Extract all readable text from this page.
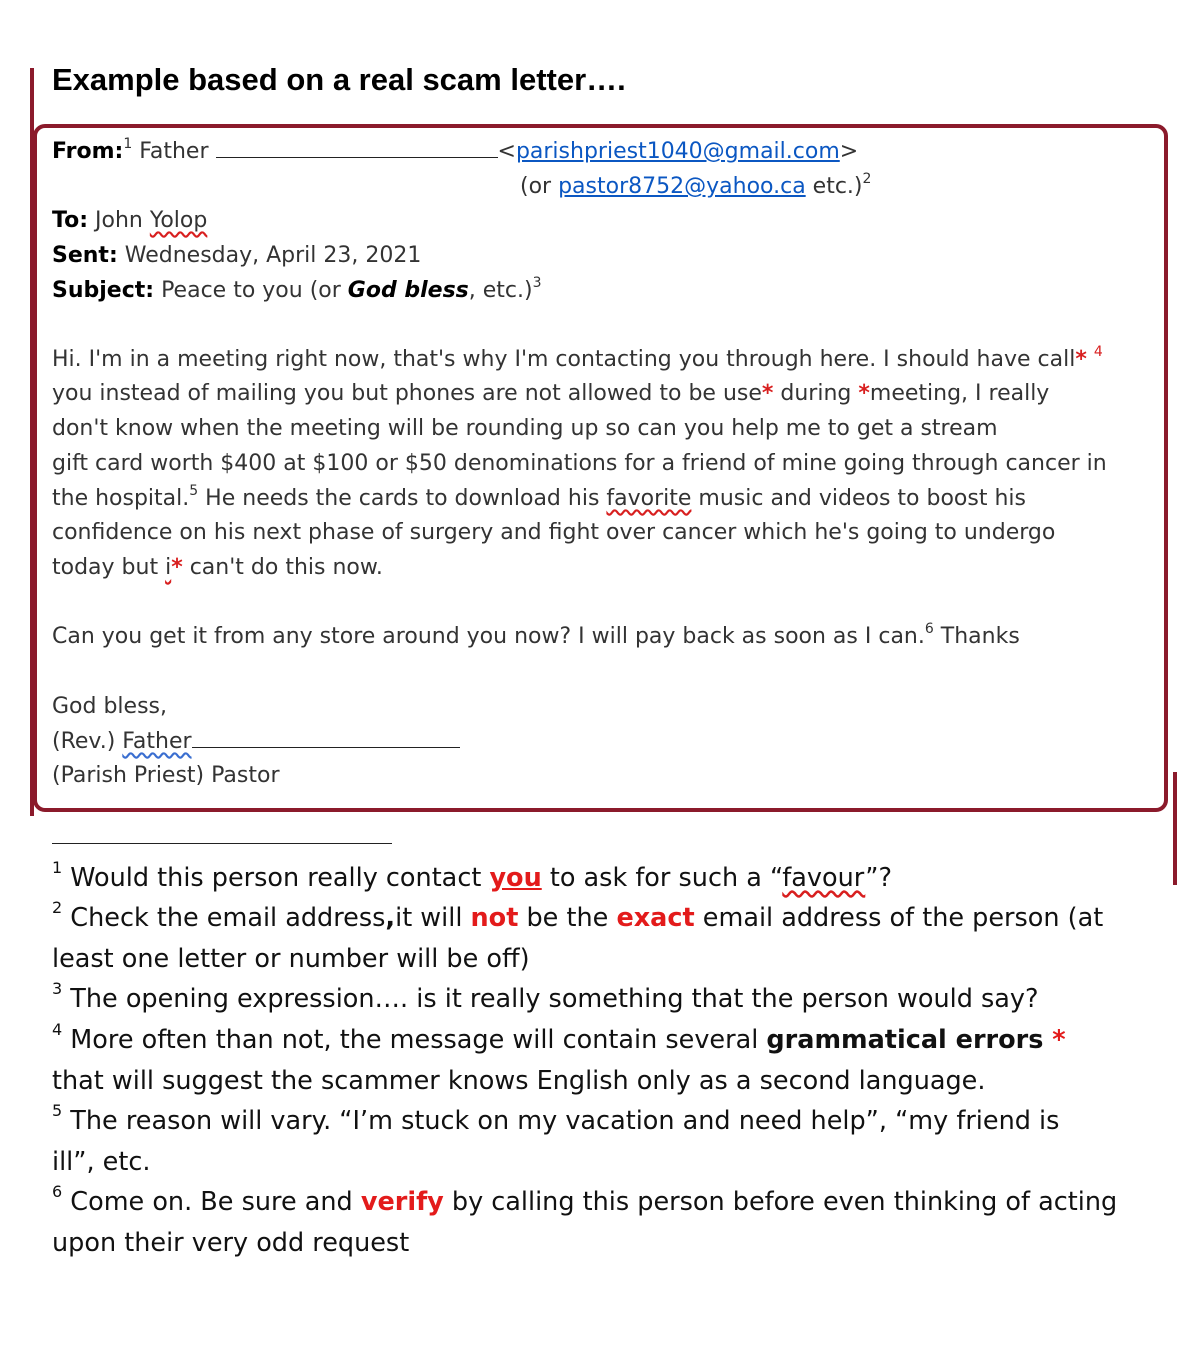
Example based on a real scam letter….

From:$^1$ Father	<parishpriest1040@gmail.com>

(or pastor8752@yahoo.ca etc.)$^2$

To: John Yolop

Sent: Wednesday, April 23, 2021

Subject: Peace to you (or God bless, etc.)$^3$

Hi. I'm in a meeting right now, that's why I'm contacting you through here. I should have call* $^4$

you instead of mailing you but phones are not allowed to be use* during *meeting, I really

don't know when the meeting will be rounding up so can you help me to get a stream

gift card worth $400 at $100 or $50 denominations for a friend of mine going through cancer in

the hospital.$^5$ He needs the cards to download his favorite music and videos to boost his

confidence on his next phase of surgery and fight over cancer which he's going to undergo

today but i* can't do this now.

Can you get it from any store around you now? I will pay back as soon as I can.$^6$ Thanks

God bless,

(Rev.) Father

(Parish Priest) Pastor

$^1$ Would this person really contact you to ask for such a “favour”?

$^2$ Check the email address,it will not be the exact email address of the person (at
least one letter or number will be off)

$^3$ The opening expression…. is it really something that the person would say?

$^4$ More often than not, the message will contain several grammatical errors *
that will suggest the scammer knows English only as a second language.

$^5$ The reason will vary. “I’m stuck on my vacation and need help”, “my friend is
ill”, etc.

$^6$ Come on. Be sure and verify by calling this person before even thinking of acting
upon their very odd request
